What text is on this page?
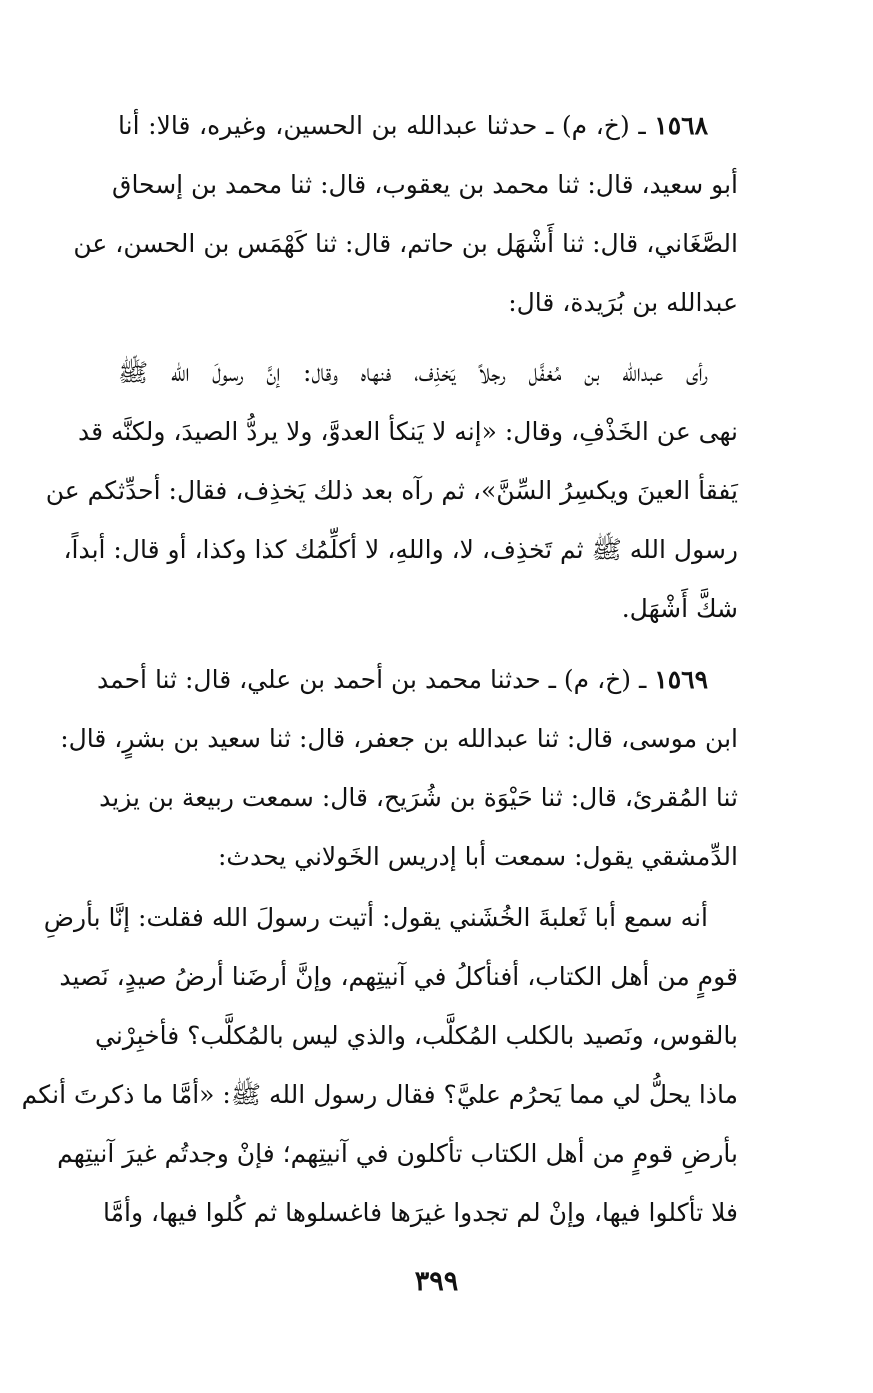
١٥٦٨ ـ (خ، م) ـ حدثنا عبدالله بن الحسين، وغيره، قالا: أنا
أبو سعيد، قال: ثنا محمد بن يعقوب، قال: ثنا محمد بن إسحاق
الصَّغَاني، قال: ثنا أَشْهَل بن حاتم، قال: ثنا كَهْمَس بن الحسن، عن
عبدالله بن بُرَيدة، قال:
رأى عبدالله بن مُغفَّل رجلاً يَخذِف، فنهاه وقال: إنَّ رسولَ الله ﷺ
نهى عن الخَذْفِ، وقال: «إنه لا يَنكأ العدوَّ، ولا يردُّ الصيدَ، ولكنَّه قد
يَفقأ العينَ ويكسِرُ السِّنَّ»، ثم رآه بعد ذلك يَخذِف، فقال: أحدِّثكم عن
رسول الله ﷺ ثم تَخذِف، لا، واللهِ، لا أكلِّمُك كذا وكذا، أو قال: أبداً،
شكَّ أَشْهَل.
١٥٦٩ ـ (خ، م) ـ حدثنا محمد بن أحمد بن علي، قال: ثنا أحمد
ابن موسى، قال: ثنا عبدالله بن جعفر، قال: ثنا سعيد بن بشرٍ، قال:
ثنا المُقرئ، قال: ثنا حَيْوَة بن شُرَيح، قال: سمعت ربيعة بن يزيد
الدِّمشقي يقول: سمعت أبا إدريس الخَولاني يحدث:
أنه سمع أبا ثَعلبةَ الخُشَني يقول: أتيت رسولَ الله فقلت: إنَّا بأرضِ
قومٍ من أهل الكتاب، أفنأكلُ في آنيتِهم، وإنَّ أرضَنا أرضُ صيدٍ، نَصيد
بالقوس، ونَصيد بالكلب المُكلَّب، والذي ليس بالمُكلَّب؟ فأخبِرْني
ماذا يحلُّ لي مما يَحرُم عليَّ؟ فقال رسول الله ﷺ: «أمَّا ما ذكرتَ أنكم
بأرضِ قومٍ من أهل الكتاب تأكلون في آنيتِهم؛ فإنْ وجدتُم غيرَ آنيتِهم
فلا تأكلوا فيها، وإنْ لم تجدوا غيرَها فاغسلوها ثم كُلوا فيها، وأمَّا
٣٩٩
